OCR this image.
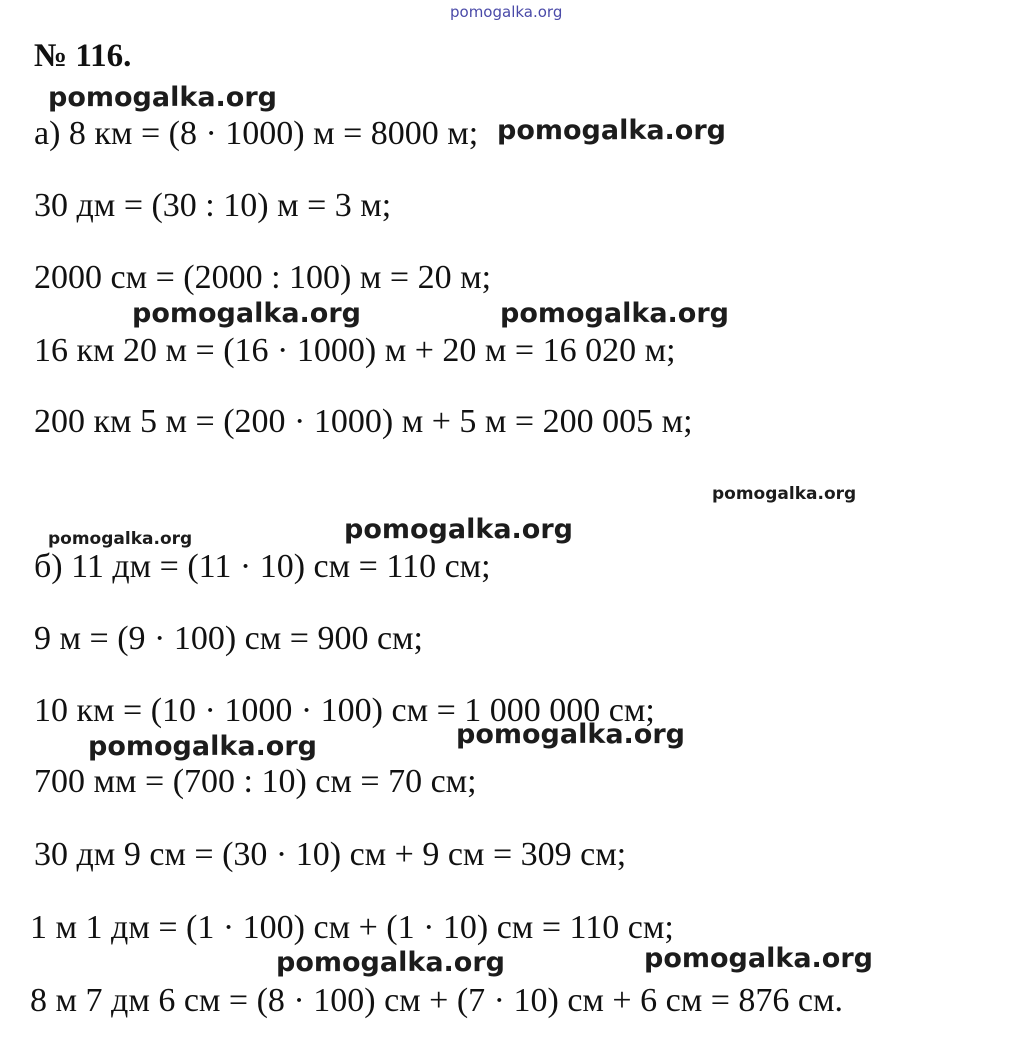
pomogalka.org
pomogalka.org
pomogalka.org
pomogalka.org	pomogalka.org
pomogalka.org
pomogalka.org	pomogalka.org
pomogalka.org	pomogalka.org
pomogalka.org	pomogalka.org
№ 116.
а) 8 км = (8 · 1000) м = 8000 м;
30 дм = (30 : 10) м = 3 м;
2000 см = (2000 : 100) м = 20 м;
16 км 20 м = (16 · 1000) м + 20 м = 16 020 м;
200 км 5 м = (200 · 1000) м + 5 м = 200 005 м;
б) 11 дм = (11 · 10) см = 110 см;
9 м = (9 · 100) см = 900 см;
10 км = (10 · 1000 · 100) см = 1 000 000 см;
700 мм = (700 : 10) см = 70 см;
30 дм 9 см = (30 · 10) см + 9 см = 309 см;
1 м 1 дм = (1 · 100) см + (1 · 10) см = 110 см;
8 м 7 дм 6 см = (8 · 100) см + (7 · 10) см + 6 см = 876 см.
